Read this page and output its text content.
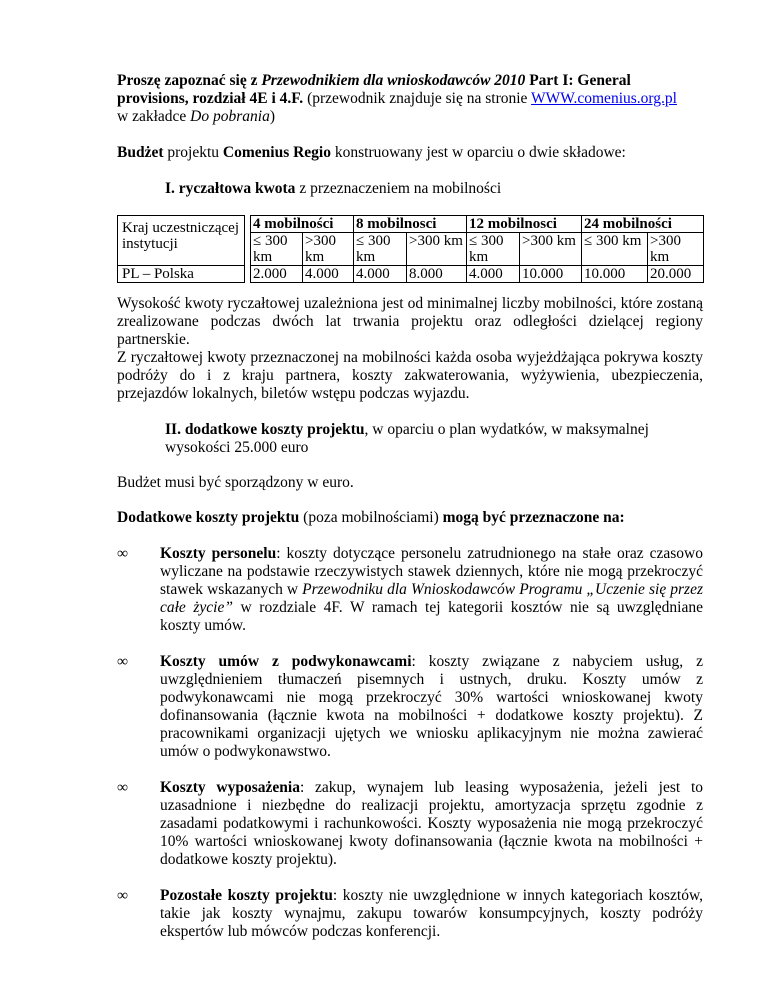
Proszę zapoznać się z Przewodnikiem dla wnioskodawców 2010 Part I: General provisions, rozdział 4E i 4.F. (przewodnik znajduje się na stronie WWW.comenius.org.pl
w zakładce Do pobrania)

Budżet projektu Comenius Regio konstruowany jest w oparciu o dwie składowe:

I. ryczałtowa kwota z przeznaczeniem na mobilności

Kraj uczestniczącej instytucji		4 mobilności		8 mobilnosci		12 mobilnosci		24 mobilności	

		≤ 300 km	>300 km	≤ 300 km	>300 km	≤ 300 km	>300 km	≤ 300 km	>300 km

PL – Polska		2.000	4.000	4.000	8.000	4.000	10.000	10.000	20.000

Wysokość kwoty ryczałtowej uzależniona jest od minimalnej liczby mobilności, które zostaną zrealizowane podczas dwóch lat trwania projektu oraz odległości dzielącej regiony partnerskie.

Z ryczałtowej kwoty przeznaczonej na mobilności każda osoba wyjeżdżająca pokrywa koszty podróży do i z kraju partnera, koszty zakwaterowania, wyżywienia, ubezpieczenia, przejazdów lokalnych, biletów wstępu podczas wyjazdu.

II. dodatkowe koszty projektu, w oparciu o plan wydatków, w maksymalnej wysokości 25.000 euro

Budżet musi być sporządzony w euro.

Dodatkowe koszty projektu (poza mobilnościami) mogą być przeznaczone na:

∞ Koszty personelu: koszty dotyczące personelu zatrudnionego na stałe oraz czasowo wyliczane na podstawie rzeczywistych stawek dziennych, które nie mogą przekroczyć stawek wskazanych w Przewodniku dla Wnioskodawców Programu „Uczenie się przez całe życie” w rozdziale 4F. W ramach tej kategorii kosztów nie są uwzględniane koszty umów.
∞ Koszty umów z podwykonawcami: koszty związane z nabyciem usług, z uwzględnieniem tłumaczeń pisemnych i ustnych, druku. Koszty umów z podwykonawcami nie mogą przekroczyć 30% wartości wnioskowanej kwoty dofinansowania (łącznie kwota na mobilności + dodatkowe koszty projektu). Z pracownikami organizacji ujętych we wniosku aplikacyjnym nie można zawierać umów o podwykonawstwo.
∞ Koszty wyposażenia: zakup, wynajem lub leasing wyposażenia, jeżeli jest to uzasadnione i niezbędne do realizacji projektu, amortyzacja sprzętu zgodnie z zasadami podatkowymi i rachunkowości. Koszty wyposażenia nie mogą przekroczyć 10% wartości wnioskowanej kwoty dofinansowania (łącznie kwota na mobilności + dodatkowe koszty projektu).
∞ Pozostałe koszty projektu: koszty nie uwzględnione w innych kategoriach kosztów, takie jak koszty wynajmu, zakupu towarów konsumpcyjnych, koszty podróży ekspertów lub mówców podczas konferencji.
